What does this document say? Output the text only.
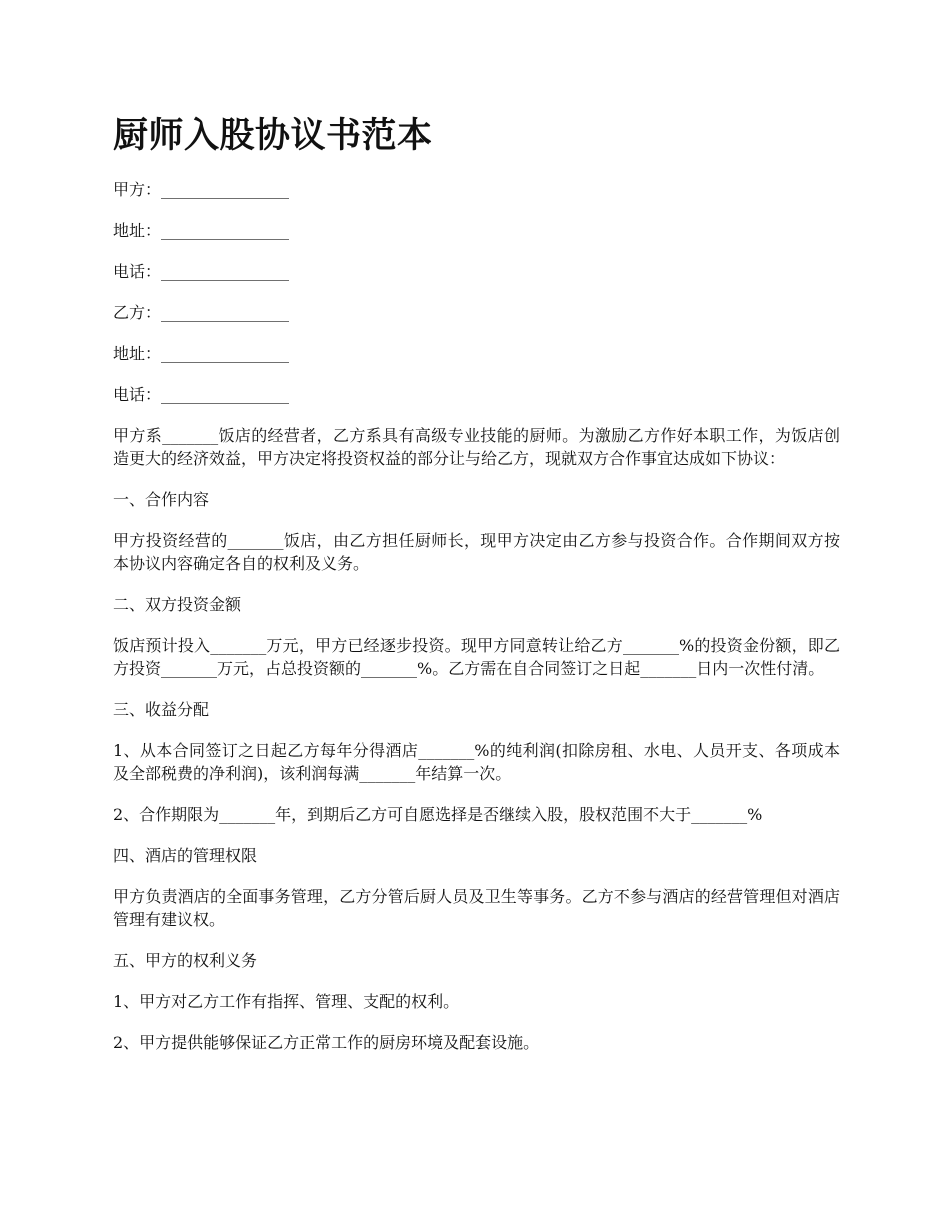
厨师入股协议书范本
甲方：________________
地址：________________
电话：________________
乙方：________________
地址：________________
电话：________________

甲方系_______饭店的经营者，乙方系具有高级专业技能的厨师。为激励乙方作好本职工作，为饭店创造更大的经济效益，甲方决定将投资权益的部分让与给乙方，现就双方合作事宜达成如下协议：

一、合作内容

甲方投资经营的_______饭店，由乙方担任厨师长，现甲方决定由乙方参与投资合作。合作期间双方按本协议内容确定各自的权利及义务。

二、双方投资金额

饭店预计投入_______万元，甲方已经逐步投资。现甲方同意转让给乙方_______%的投资金份额，即乙方投资_______万元，占总投资额的_______%。乙方需在自合同签订之日起_______日内一次性付清。

三、收益分配

1、从本合同签订之日起乙方每年分得酒店_______%的纯利润(扣除房租、水电、人员开支、各项成本及全部税费的净利润)，该利润每满_______年结算一次。

2、合作期限为_______年，到期后乙方可自愿选择是否继续入股，股权范围不大于_______%

四、酒店的管理权限

甲方负责酒店的全面事务管理，乙方分管后厨人员及卫生等事务。乙方不参与酒店的经营管理但对酒店管理有建议权。

五、甲方的权利义务

1、甲方对乙方工作有指挥、管理、支配的权利。

2、甲方提供能够保证乙方正常工作的厨房环境及配套设施。
